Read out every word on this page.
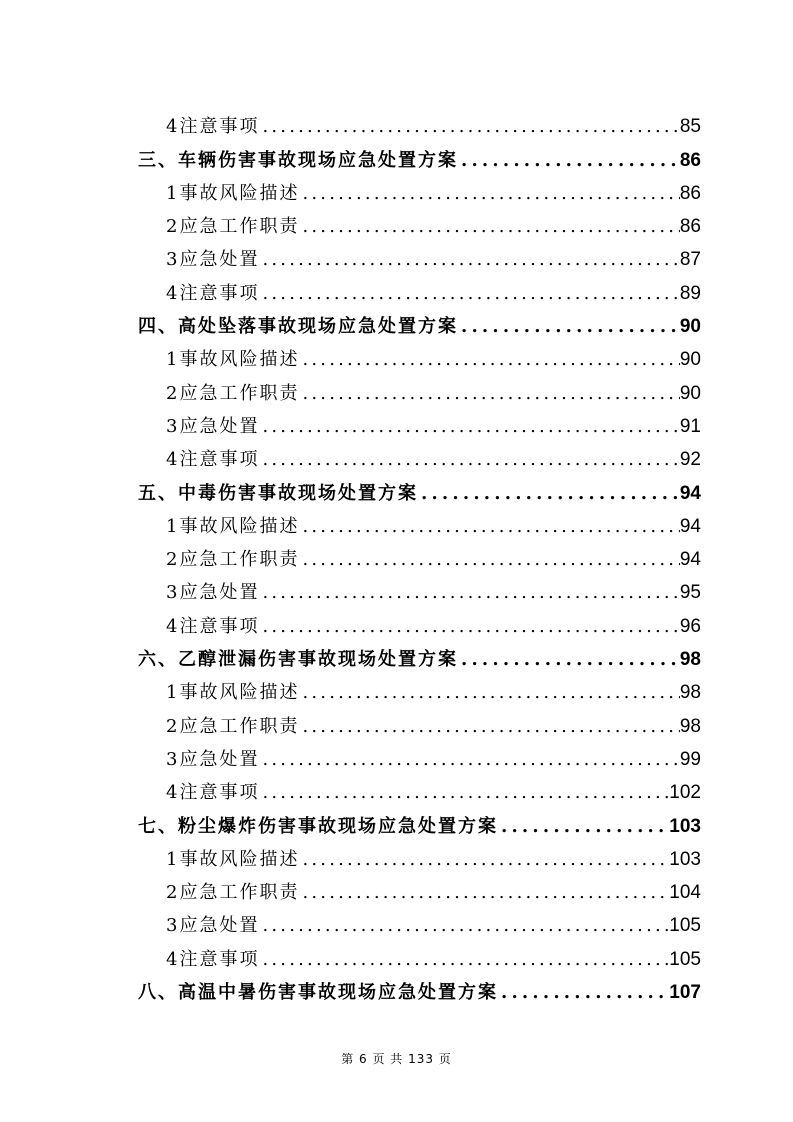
4注意事项 .....	85
三、车辆伤害事故现场应急处置方案 .....	86
1事故风险描述 .....	86
2应急工作职责 .....	86
3应急处置 .....	87
4注意事项 .....	89
四、高处坠落事故现场应急处置方案 .....	90
1事故风险描述 .....	90
2应急工作职责 .....	90
3应急处置 .....	91
4注意事项 .....	92
五、中毒伤害事故现场处置方案 .....	94
1事故风险描述 .....	94
2应急工作职责 .....	94
3应急处置 .....	95
4注意事项 .....	96
六、乙醇泄漏伤害事故现场处置方案 .....	98
1事故风险描述 .....	98
2应急工作职责 .....	98
3应急处置 .....	99
4注意事项 .....	102
七、粉尘爆炸伤害事故现场应急处置方案 .....	103
1事故风险描述 .....	103
2应急工作职责 .....	104
3应急处置 .....	105
4注意事项 .....	105
八、高温中暑伤害事故现场应急处置方案 .....	107
第 6 页 共 133 页
